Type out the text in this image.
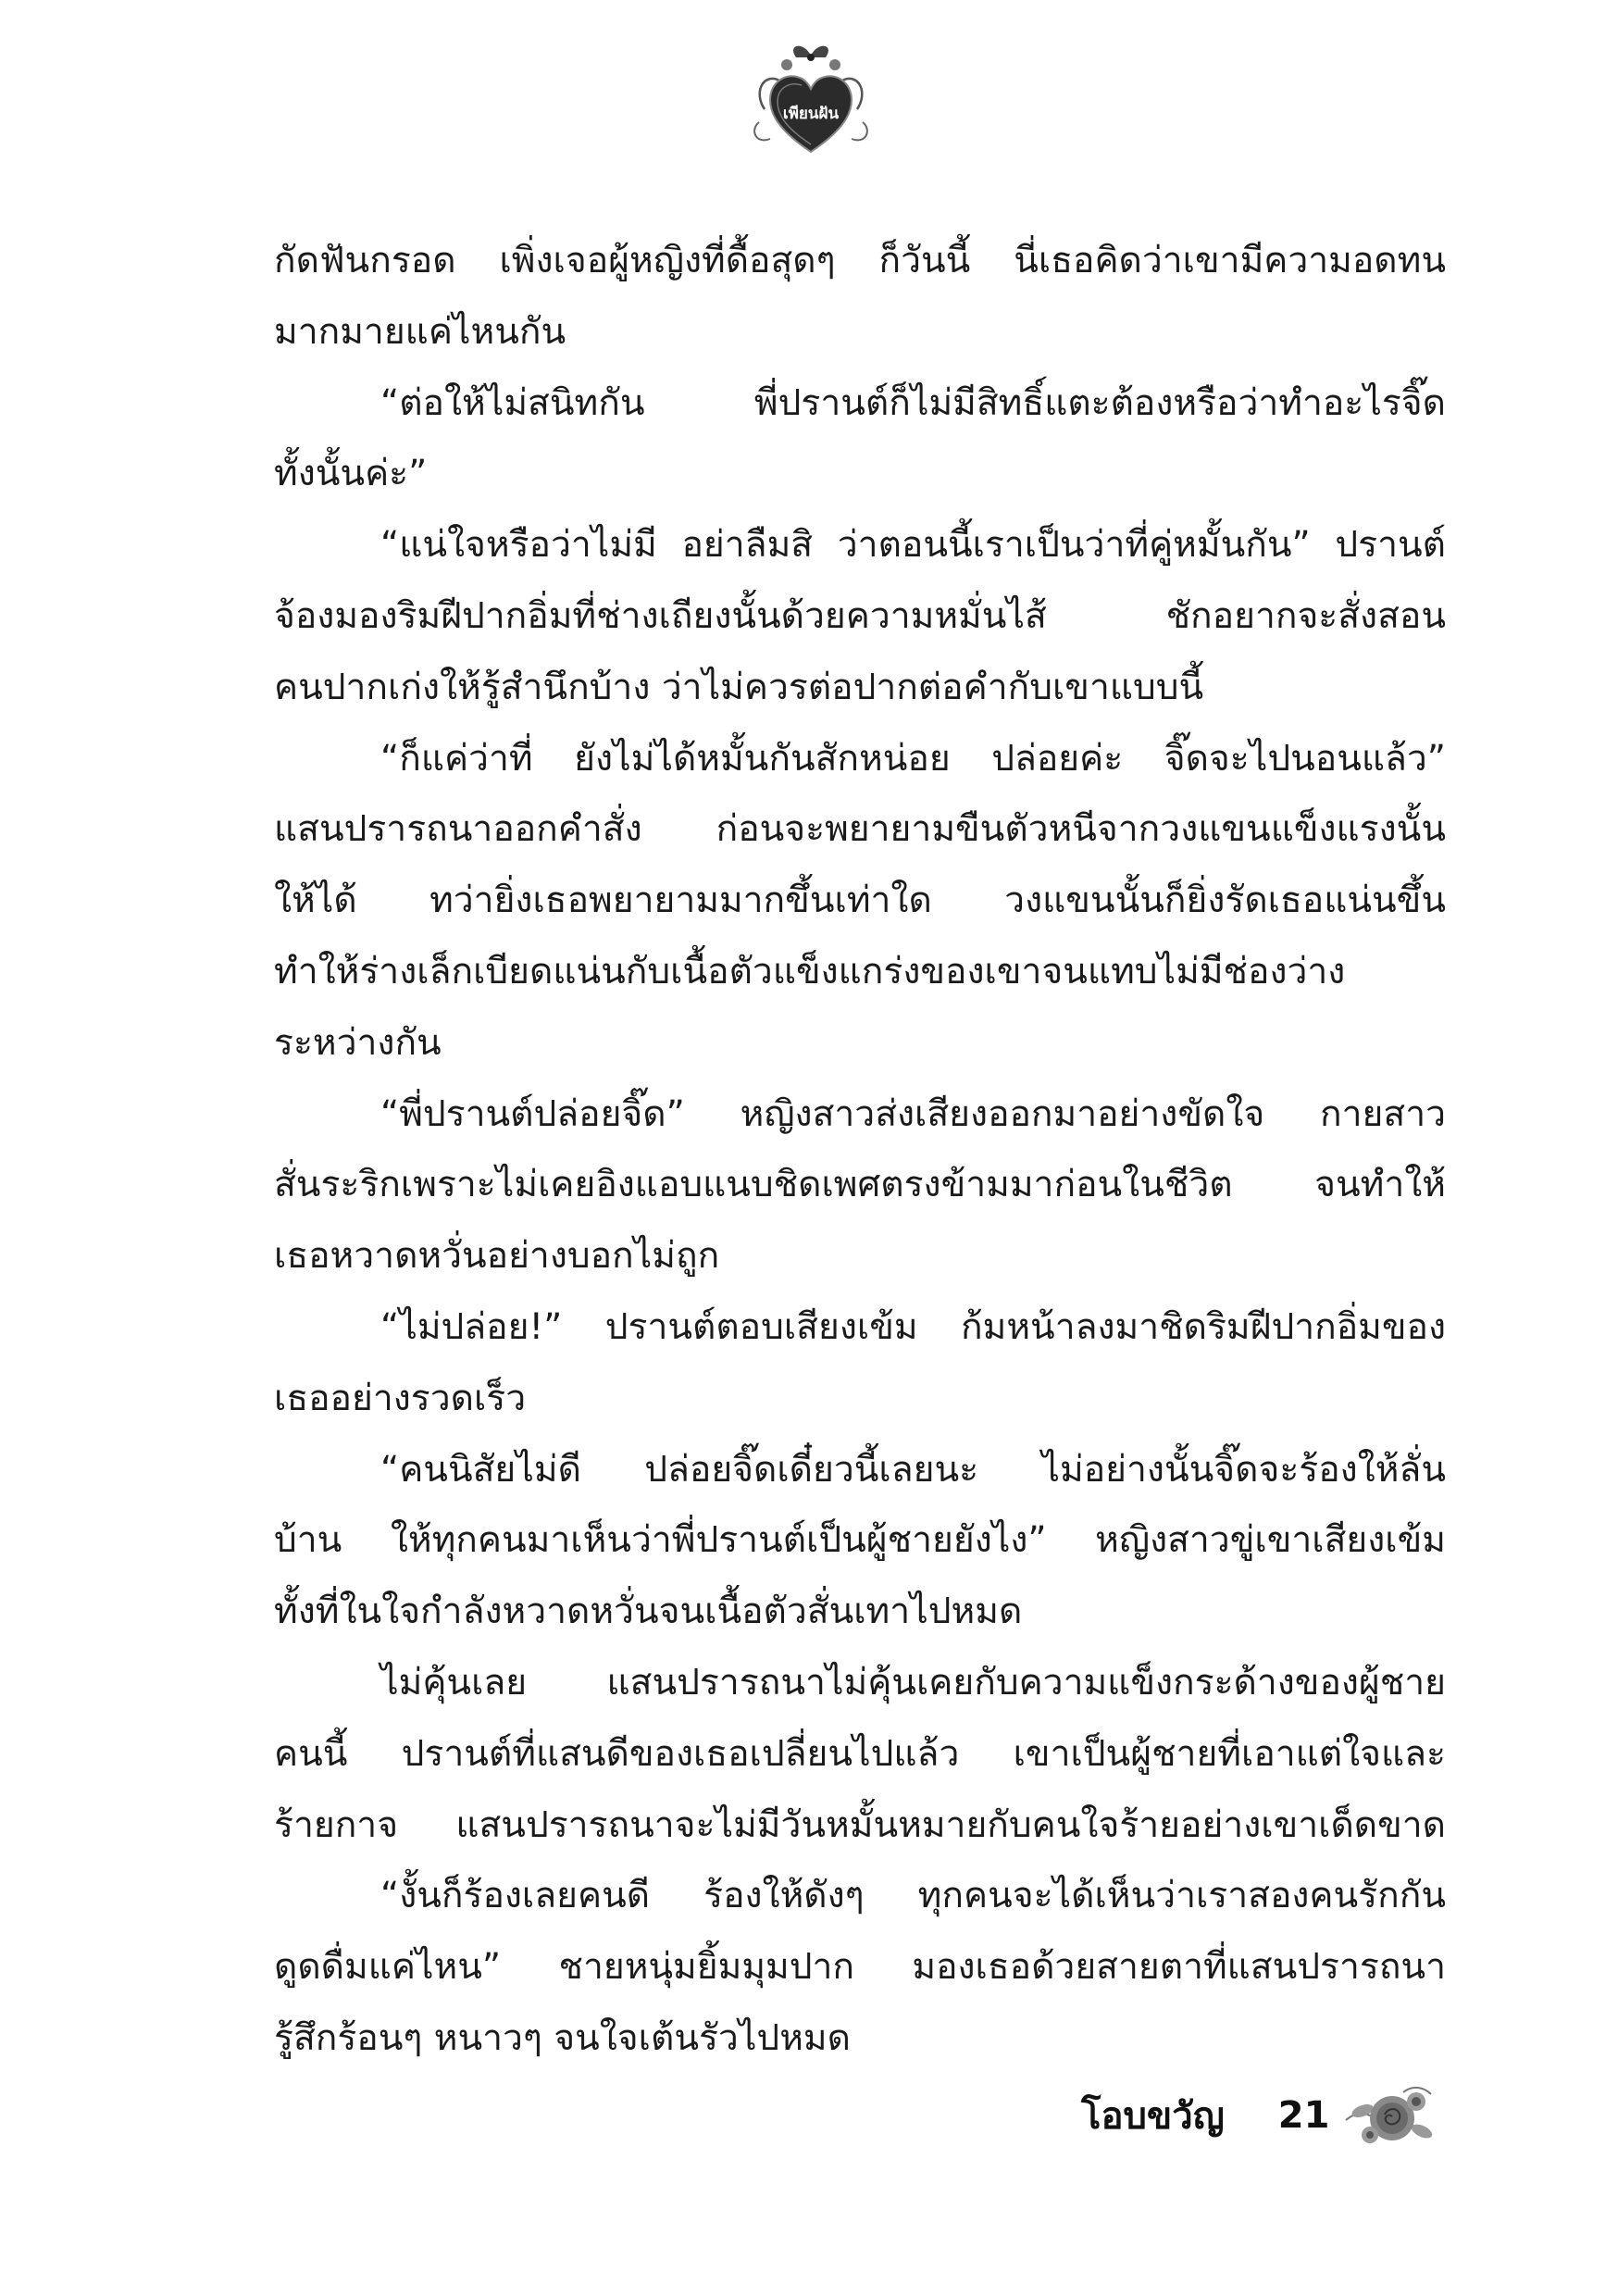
เพียนฝัน
กัดฟันกรอด เพิ่งเจอผู้หญิงที่ดื้อสุดๆ ก็วันนี้ นี่เธอคิดว่าเขามีความอดทน
มากมายแค่ไหนกัน
“ต่อให้ไม่สนิทกัน พี่ปรานต์ก็ไม่มีสิทธิ์แตะต้องหรือว่าทำอะไรจิ๊ด
ทั้งนั้นค่ะ”
“แน่ใจหรือว่าไม่มี อย่าลืมสิ ว่าตอนนี้เราเป็นว่าที่คู่หมั้นกัน” ปรานต์
จ้องมองริมฝีปากอิ่มที่ช่างเถียงนั้นด้วยความหมั่นไส้ ชักอยากจะสั่งสอน
คนปากเก่งให้รู้สำนึกบ้าง ว่าไม่ควรต่อปากต่อคำกับเขาแบบนี้
“ก็แค่ว่าที่ ยังไม่ได้หมั้นกันสักหน่อย ปล่อยค่ะ จิ๊ดจะไปนอนแล้ว”
แสนปรารถนาออกคำสั่ง ก่อนจะพยายามขืนตัวหนีจากวงแขนแข็งแรงนั้น
ให้ได้ ทว่ายิ่งเธอพยายามมากขึ้นเท่าใด วงแขนนั้นก็ยิ่งรัดเธอแน่นขึ้น
ทำให้ร่างเล็กเบียดแน่นกับเนื้อตัวแข็งแกร่งของเขาจนแทบไม่มีช่องว่าง
ระหว่างกัน
“พี่ปรานต์ปล่อยจิ๊ด” หญิงสาวส่งเสียงออกมาอย่างขัดใจ กายสาว
สั่นระริกเพราะไม่เคยอิงแอบแนบชิดเพศตรงข้ามมาก่อนในชีวิต จนทำให้
เธอหวาดหวั่นอย่างบอกไม่ถูก
“ไม่ปล่อย!” ปรานต์ตอบเสียงเข้ม ก้มหน้าลงมาชิดริมฝีปากอิ่มของ
เธออย่างรวดเร็ว
“คนนิสัยไม่ดี ปล่อยจิ๊ดเดี๋ยวนี้เลยนะ ไม่อย่างนั้นจิ๊ดจะร้องให้ลั่น
บ้าน ให้ทุกคนมาเห็นว่าพี่ปรานต์เป็นผู้ชายยังไง” หญิงสาวขู่เขาเสียงเข้ม
ทั้งที่ในใจกำลังหวาดหวั่นจนเนื้อตัวสั่นเทาไปหมด
ไม่คุ้นเลย แสนปรารถนาไม่คุ้นเคยกับความแข็งกระด้างของผู้ชาย
คนนี้ ปรานต์ที่แสนดีของเธอเปลี่ยนไปแล้ว เขาเป็นผู้ชายที่เอาแต่ใจและ
ร้ายกาจ แสนปรารถนาจะไม่มีวันหมั้นหมายกับคนใจร้ายอย่างเขาเด็ดขาด
“งั้นก็ร้องเลยคนดี ร้องให้ดังๆ ทุกคนจะได้เห็นว่าเราสองคนรักกัน
ดูดดื่มแค่ไหน” ชายหนุ่มยิ้มมุมปาก มองเธอด้วยสายตาที่แสนปรารถนา
รู้สึกร้อนๆ หนาวๆ จนใจเต้นรัวไปหมด
โอบขวัญ 21
